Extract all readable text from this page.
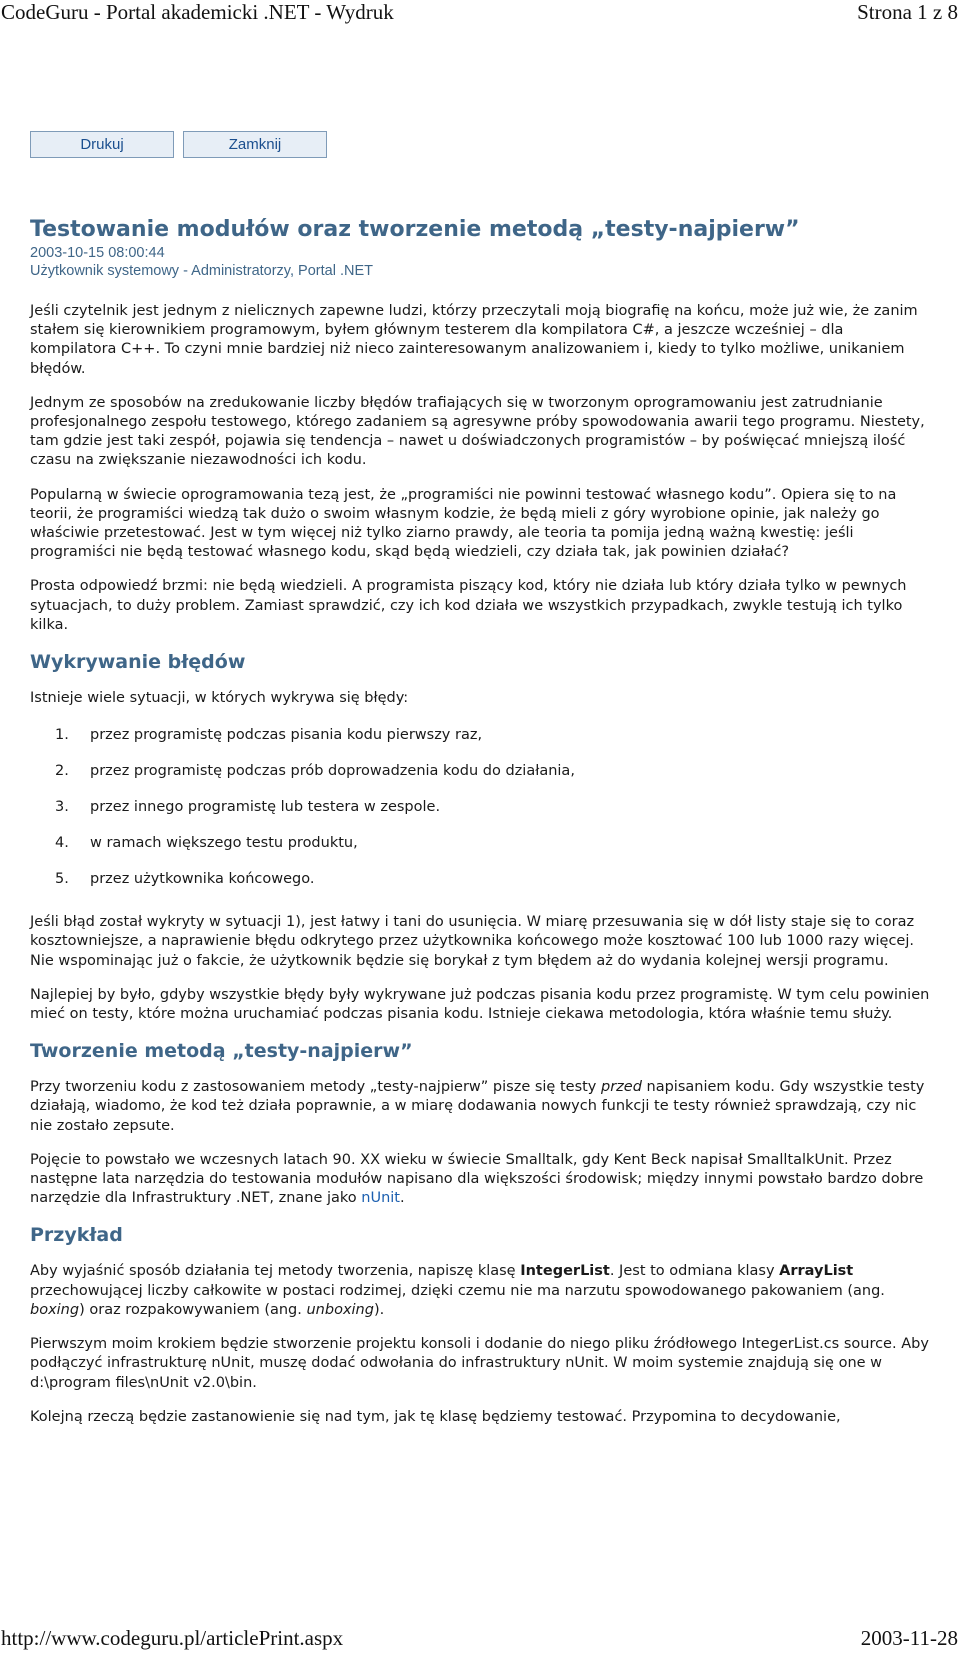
CodeGuru - Portal akademicki .NET - Wydruk	Strona 1 z 8
Drukuj	Zamknij
Testowanie modułów oraz tworzenie metodą „testy-najpierw”
2003-10-15 08:00:44
Użytkownik systemowy - Administratorzy, Portal .NET

Jeśli czytelnik jest jednym z nielicznych zapewne ludzi, którzy przeczytali moją biografię na końcu, może już wie, że zanim stałem się kierownikiem programowym, byłem głównym testerem dla kompilatora C#, a jeszcze wcześniej – dla kompilatora C++. To czyni mnie bardziej niż nieco zainteresowanym analizowaniem i, kiedy to tylko możliwe, unikaniem błędów.

Jednym ze sposobów na zredukowanie liczby błędów trafiających się w tworzonym oprogramowaniu jest zatrudnianie profesjonalnego zespołu testowego, którego zadaniem są agresywne próby spowodowania awarii tego programu. Niestety, tam gdzie jest taki zespół, pojawia się tendencja – nawet u doświadczonych programistów – by poświęcać mniejszą ilość czasu na zwiększanie niezawodności ich kodu.

Popularną w świecie oprogramowania tezą jest, że „programiści nie powinni testować własnego kodu”. Opiera się to na teorii, że programiści wiedzą tak dużo o swoim własnym kodzie, że będą mieli z góry wyrobione opinie, jak należy go właściwie przetestować. Jest w tym więcej niż tylko ziarno prawdy, ale teoria ta pomija jedną ważną kwestię: jeśli programiści nie będą testować własnego kodu, skąd będą wiedzieli, czy działa tak, jak powinien działać?

Prosta odpowiedź brzmi: nie będą wiedzieli. A programista piszący kod, który nie działa lub który działa tylko w pewnych sytuacjach, to duży problem. Zamiast sprawdzić, czy ich kod działa we wszystkich przypadkach, zwykle testują ich tylko kilka.

Wykrywanie błędów

Istnieje wiele sytuacji, w których wykrywa się błędy:

1. przez programistę podczas pisania kodu pierwszy raz,
2. przez programistę podczas prób doprowadzenia kodu do działania,
3. przez innego programistę lub testera w zespole.
4. w ramach większego testu produktu,
5. przez użytkownika końcowego.

Jeśli błąd został wykryty w sytuacji 1), jest łatwy i tani do usunięcia. W miarę przesuwania się w dół listy staje się to coraz kosztowniejsze, a naprawienie błędu odkrytego przez użytkownika końcowego może kosztować 100 lub 1000 razy więcej. Nie wspominając już o fakcie, że użytkownik będzie się borykał z tym błędem aż do wydania kolejnej wersji programu.

Najlepiej by było, gdyby wszystkie błędy były wykrywane już podczas pisania kodu przez programistę. W tym celu powinien mieć on testy, które można uruchamiać podczas pisania kodu. Istnieje ciekawa metodologia, która właśnie temu służy.

Tworzenie metodą „testy-najpierw”

Przy tworzeniu kodu z zastosowaniem metody „testy-najpierw” pisze się testy przed napisaniem kodu. Gdy wszystkie testy działają, wiadomo, że kod też działa poprawnie, a w miarę dodawania nowych funkcji te testy również sprawdzają, czy nic nie zostało zepsute.

Pojęcie to powstało we wczesnych latach 90. XX wieku w świecie Smalltalk, gdy Kent Beck napisał SmalltalkUnit. Przez następne lata narzędzia do testowania modułów napisano dla większości środowisk; między innymi powstało bardzo dobre narzędzie dla Infrastruktury .NET, znane jako nUnit.

Przykład

Aby wyjaśnić sposób działania tej metody tworzenia, napiszę klasę IntegerList. Jest to odmiana klasy ArrayList przechowującej liczby całkowite w postaci rodzimej, dzięki czemu nie ma narzutu spowodowanego pakowaniem (ang. boxing) oraz rozpakowywaniem (ang. unboxing).

Pierwszym moim krokiem będzie stworzenie projektu konsoli i dodanie do niego pliku źródłowego IntegerList.cs source. Aby podłączyć infrastrukturę nUnit, muszę dodać odwołania do infrastruktury nUnit. W moim systemie znajdują się one w d:\program files\nUnit v2.0\bin.

Kolejną rzeczą będzie zastanowienie się nad tym, jak tę klasę będziemy testować. Przypomina to decydowanie,

http://www.codeguru.pl/articlePrint.aspx	2003-11-28
